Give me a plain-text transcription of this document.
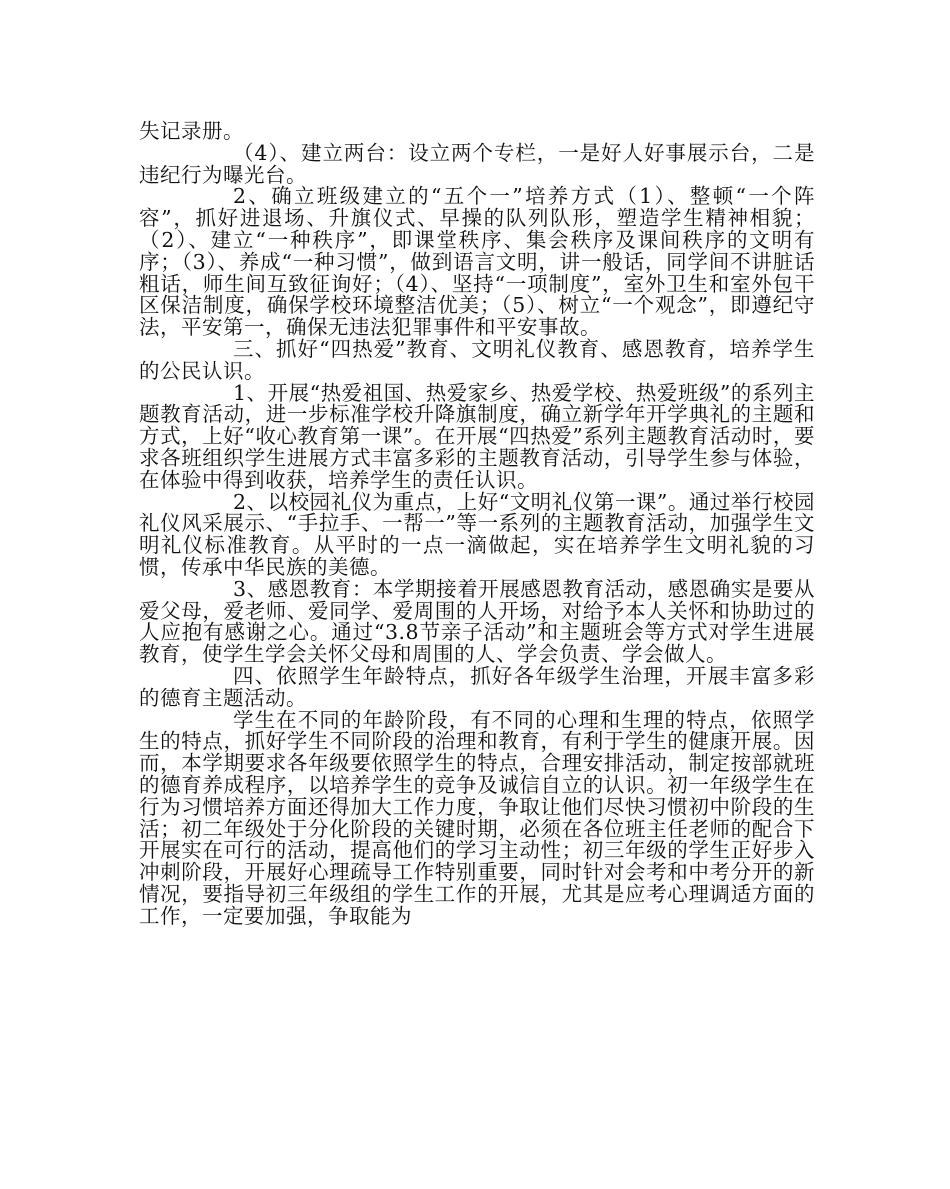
失记录册。

（4）、建立两台：设立两个专栏，一是好人好事展示台，二是违纪行为曝光台。

2、确立班级建立的“五个一”培养方式（1）、整顿“一个阵容”，抓好进退场、升旗仪式、早操的队列队形，塑造学生精神相貌；（2）、建立“一种秩序”，即课堂秩序、集会秩序及课间秩序的文明有序；（3）、养成“一种习惯”，做到语言文明，讲一般话，同学间不讲脏话粗话，师生间互致征询好；（4）、坚持“一项制度”，室外卫生和室外包干区保洁制度，确保学校环境整洁优美；（5）、树立“一个观念”，即遵纪守法，平安第一，确保无违法犯罪事件和平安事故。

三、抓好“四热爱”教育、文明礼仪教育、感恩教育，培养学生的公民认识。

1、开展“热爱祖国、热爱家乡、热爱学校、热爱班级”的系列主题教育活动，进一步标准学校升降旗制度，确立新学年开学典礼的主题和方式，上好“收心教育第一课”。在开展“四热爱”系列主题教育活动时，要求各班组织学生进展方式丰富多彩的主题教育活动，引导学生参与体验，在体验中得到收获，培养学生的责任认识。

2、以校园礼仪为重点，上好“文明礼仪第一课”。通过举行校园礼仪风采展示、“手拉手、一帮一”等一系列的主题教育活动，加强学生文明礼仪标准教育。从平时的一点一滴做起，实在培养学生文明礼貌的习惯，传承中华民族的美德。

3、感恩教育：本学期接着开展感恩教育活动，感恩确实是要从爱父母，爱老师、爱同学、爱周围的人开场，对给予本人关怀和协助过的人应抱有感谢之心。通过“3.8节亲子活动”和主题班会等方式对学生进展教育，使学生学会关怀父母和周围的人、学会负责、学会做人。

四、依照学生年龄特点，抓好各年级学生治理，开展丰富多彩的德育主题活动。

学生在不同的年龄阶段，有不同的心理和生理的特点，依照学生的特点，抓好学生不同阶段的治理和教育，有利于学生的健康开展。因而，本学期要求各年级要依照学生的特点，合理安排活动，制定按部就班的德育养成程序，以培养学生的竞争及诚信自立的认识。初一年级学生在行为习惯培养方面还得加大工作力度，争取让他们尽快习惯初中阶段的生活；初二年级处于分化阶段的关键时期，必须在各位班主任老师的配合下开展实在可行的活动，提高他们的学习主动性；初三年级的学生正好步入冲刺阶段，开展好心理疏导工作特别重要，同时针对会考和中考分开的新情况，要指导初三年级组的学生工作的开展，尤其是应考心理调适方面的工作，一定要加强，争取能为
